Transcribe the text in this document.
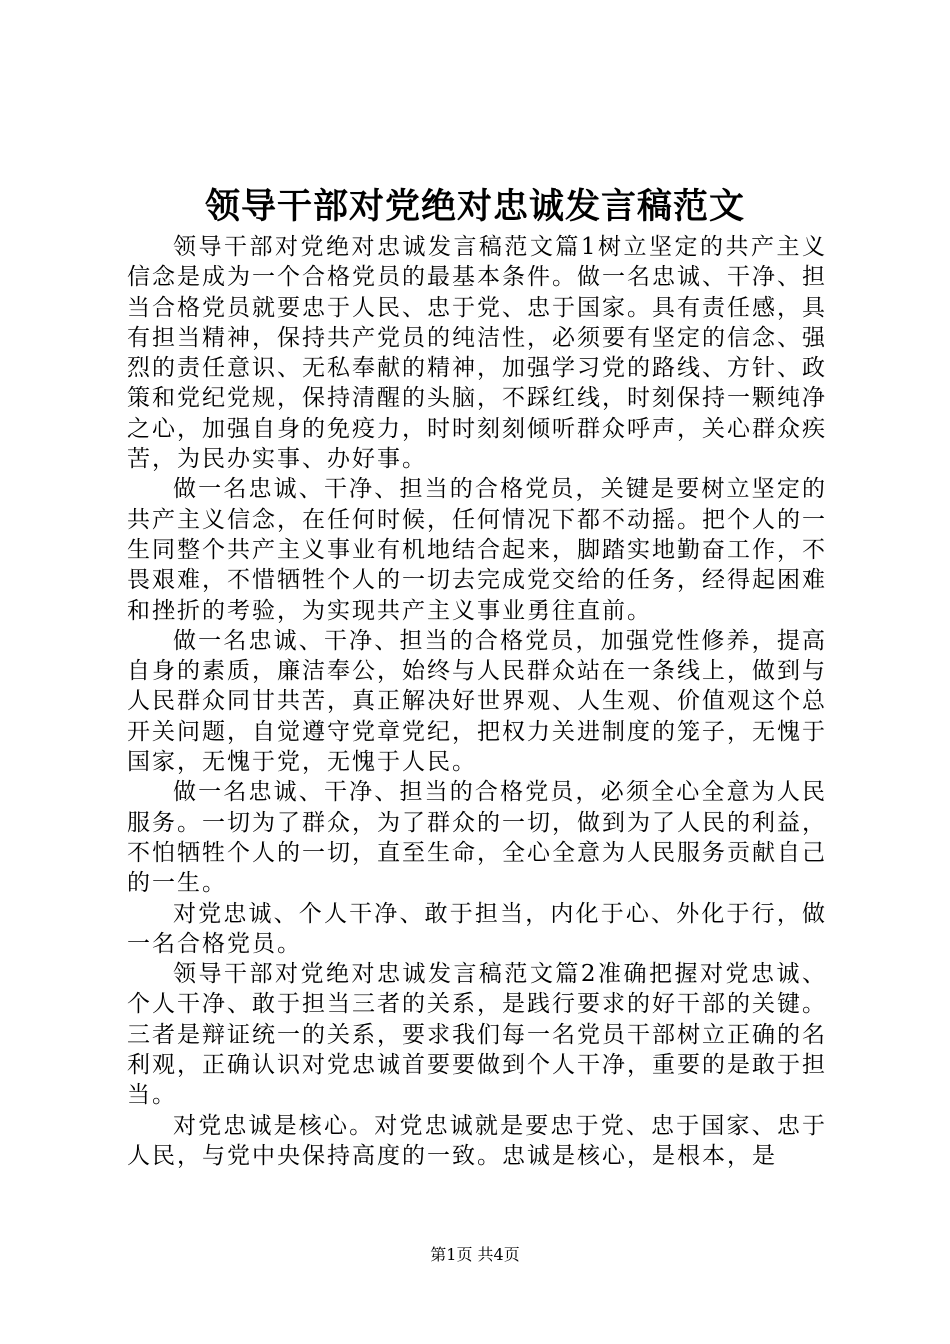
领导干部对党绝对忠诚发言稿范文

领导干部对党绝对忠诚发言稿范文篇1树立坚定的共产主义信念是成为一个合格党员的最基本条件。做一名忠诚、干净、担当合格党员就要忠于人民、忠于党、忠于国家。具有责任感，具有担当精神，保持共产党员的纯洁性，必须要有坚定的信念、强烈的责任意识、无私奉献的精神，加强学习党的路线、方针、政策和党纪党规，保持清醒的头脑，不踩红线，时刻保持一颗纯净之心，加强自身的免疫力，时时刻刻倾听群众呼声，关心群众疾苦，为民办实事、办好事。

做一名忠诚、干净、担当的合格党员，关键是要树立坚定的共产主义信念，在任何时候，任何情况下都不动摇。把个人的一生同整个共产主义事业有机地结合起来，脚踏实地勤奋工作，不畏艰难，不惜牺牲个人的一切去完成党交给的任务，经得起困难和挫折的考验，为实现共产主义事业勇往直前。

做一名忠诚、干净、担当的合格党员，加强党性修养，提高自身的素质，廉洁奉公，始终与人民群众站在一条线上，做到与人民群众同甘共苦，真正解决好世界观、人生观、价值观这个总开关问题，自觉遵守党章党纪，把权力关进制度的笼子，无愧于国家，无愧于党，无愧于人民。

做一名忠诚、干净、担当的合格党员，必须全心全意为人民服务。一切为了群众，为了群众的一切，做到为了人民的利益，不怕牺牲个人的一切，直至生命，全心全意为人民服务贡献自己的一生。

对党忠诚、个人干净、敢于担当，内化于心、外化于行，做一名合格党员。

领导干部对党绝对忠诚发言稿范文篇2准确把握对党忠诚、个人干净、敢于担当三者的关系，是践行要求的好干部的关键。三者是辩证统一的关系，要求我们每一名党员干部树立正确的名利观，正确认识对党忠诚首要要做到个人干净，重要的是敢于担当。

对党忠诚是核心。对党忠诚就是要忠于党、忠于国家、忠于人民，与党中央保持高度的一致。忠诚是核心，是根本，是

第1页 共4页
